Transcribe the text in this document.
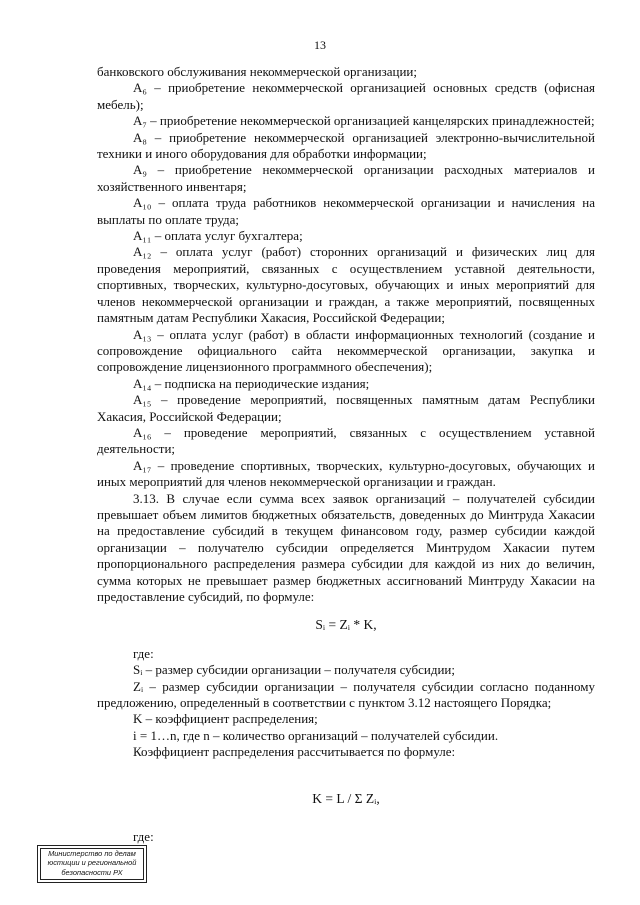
13

банковского обслуживания некоммерческой организации;

А₆ – приобретение некоммерческой организацией основных средств (офисная мебель);

А₇ – приобретение некоммерческой организацией канцелярских принадлежностей;

А₈ – приобретение некоммерческой организацией электронно-вычислительной техники и иного оборудования для обработки информации;

А₉ – приобретение некоммерческой организации расходных материалов и хозяйственного инвентаря;

А₁₀ – оплата труда работников некоммерческой организации и начисления на выплаты по оплате труда;

А₁₁ – оплата услуг бухгалтера;

А₁₂ – оплата услуг (работ) сторонних организаций и физических лиц для проведения мероприятий, связанных с осуществлением уставной деятельности, спортивных, творческих, культурно-досуговых, обучающих и иных мероприятий для членов некоммерческой организации и граждан, а также мероприятий, посвященных памятным датам Республики Хакасия, Российской Федерации;

А₁₃ – оплата услуг (работ) в области информационных технологий (создание и сопровождение официального сайта некоммерческой организации, закупка и сопровождение лицензионного программного обеспечения);

А₁₄ – подписка на периодические издания;

А₁₅ – проведение мероприятий, посвященных памятным датам Республики Хакасия, Российской Федерации;

А₁₆ – проведение мероприятий, связанных с осуществлением уставной деятельности;

А₁₇ – проведение спортивных, творческих, культурно-досуговых, обучающих и иных мероприятий для членов некоммерческой организации и граждан.

3.13. В случае если сумма всех заявок организаций – получателей субсидии превышает объем лимитов бюджетных обязательств, доведенных до Минтруда Хакасии на предоставление субсидий в текущем финансовом году, размер субсидии каждой организации – получателю субсидии определяется Минтрудом Хакасии путем пропорционального распределения размера субсидии для каждой из них до величин, сумма которых не превышает размер бюджетных ассигнований Минтруду Хакасии на предоставление субсидий, по формуле:

Sᵢ = Zᵢ * K,

где:

Sᵢ – размер субсидии организации – получателя субсидии;

Zᵢ – размер субсидии организации – получателя субсидии согласно поданному предложению, определенный в соответствии с пунктом 3.12 настоящего Порядка;

K – коэффициент распределения;

i = 1…n, где n – количество организаций – получателей субсидии.

Коэффициент распределения рассчитывается по формуле:

K = L / Σ Zᵢ,

где:

Министерство по делам
юстиции и региональной
безопасности РХ
